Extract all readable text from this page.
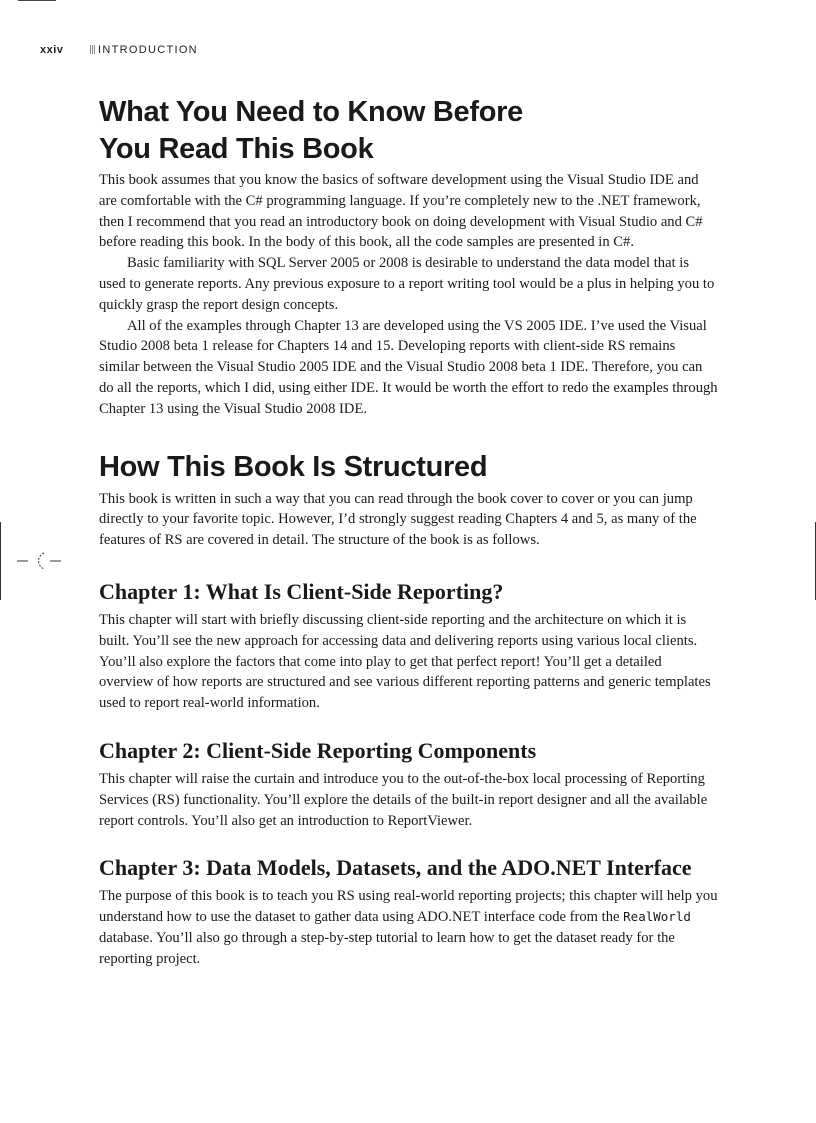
xxiv	INTRODUCTION
What You Need to Know Before
You Read This Book

This book assumes that you know the basics of software development using the Visual Studio IDE and are comfortable with the C# programming language. If you’re completely new to the .NET framework, then I recommend that you read an introductory book on doing development with Visual Studio and C# before reading this book. In the body of this book, all the code samples are presented in C#.

Basic familiarity with SQL Server 2005 or 2008 is desirable to understand the data model that is used to generate reports. Any previous exposure to a report writing tool would be a plus in helping you to quickly grasp the report design concepts.

All of the examples through Chapter 13 are developed using the VS 2005 IDE. I’ve used the Visual Studio 2008 beta 1 release for Chapters 14 and 15. Developing reports with client-side RS remains similar between the Visual Studio 2005 IDE and the Visual Studio 2008 beta 1 IDE. Therefore, you can do all the reports, which I did, using either IDE. It would be worth the effort to redo the examples through Chapter 13 using the Visual Studio 2008 IDE.

How This Book Is Structured

This book is written in such a way that you can read through the book cover to cover or you can jump directly to your favorite topic. However, I’d strongly suggest reading Chapters 4 and 5, as many of the features of RS are covered in detail. The structure of the book is as follows.

Chapter 1: What Is Client-Side Reporting?

This chapter will start with briefly discussing client-side reporting and the architecture on which it is built. You’ll see the new approach for accessing data and delivering reports using various local clients. You’ll also explore the factors that come into play to get that perfect report! You’ll get a detailed overview of how reports are structured and see various different reporting patterns and generic templates used to report real-world information.

Chapter 2: Client-Side Reporting Components

This chapter will raise the curtain and introduce you to the out-of-the-box local processing of Reporting Services (RS) functionality. You’ll explore the details of the built-in report designer and all the available report controls. You’ll also get an introduction to ReportViewer.

Chapter 3: Data Models, Datasets, and the ADO.NET Interface

The purpose of this book is to teach you RS using real-world reporting projects; this chapter will help you understand how to use the dataset to gather data using ADO.NET interface code from the RealWorld database. You’ll also go through a step-by-step tutorial to learn how to get the dataset ready for the reporting project.
